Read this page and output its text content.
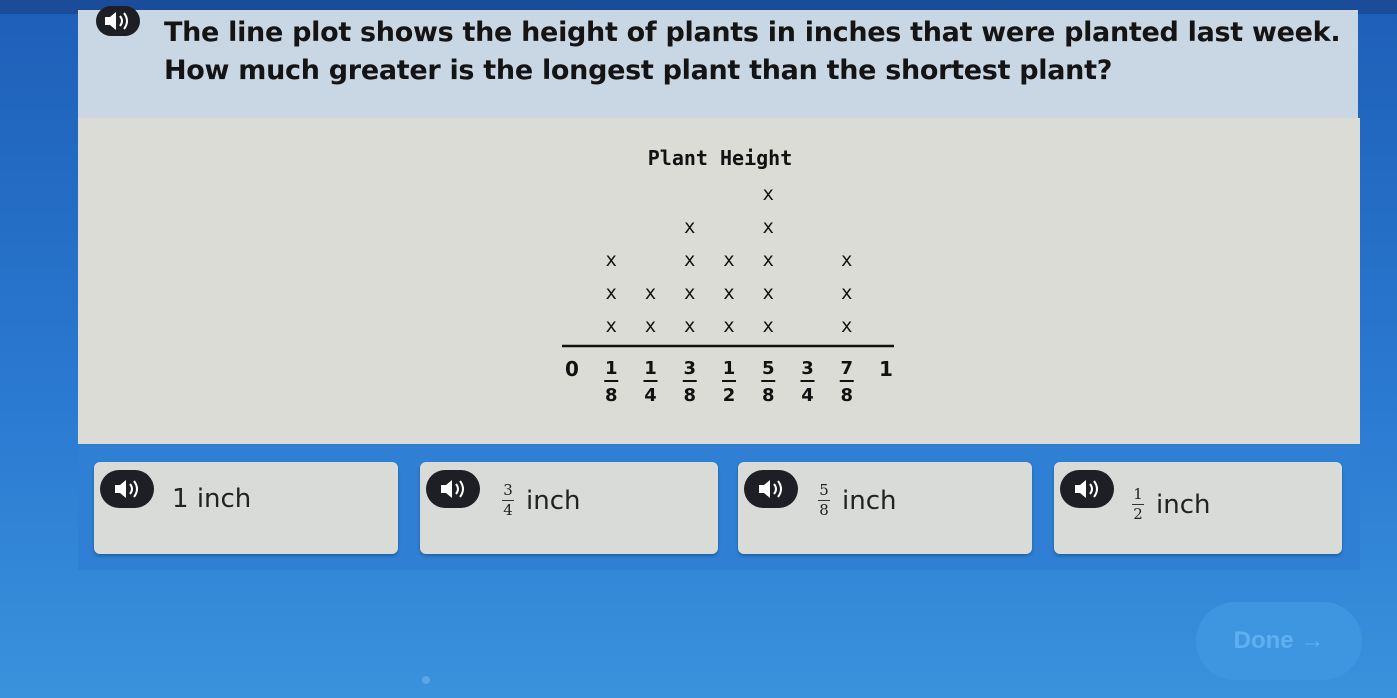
The line plot shows the height of plants in inches that were planted last week.
How much greater is the longest plant than the shortest plant?
Plant Height
0 1
8
x
x
x
1
4
x
x
3
8
x
x
x
x
1
2
x
x
x
5
8
x
x
x
x
x
3
4
7
8
x
x
x
1
1
inch	$\frac{3}{4}$ inch	$\frac{5}{8}$ inch	$\frac{1}{2}$ inch
Done →
